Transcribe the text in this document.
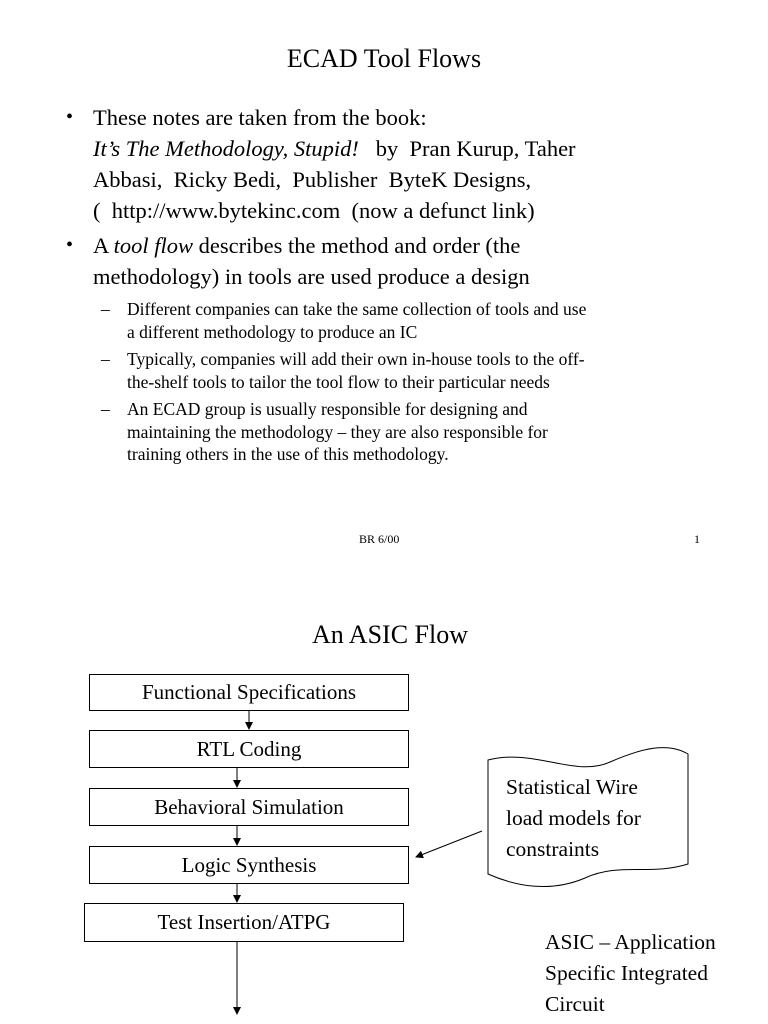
ECAD Tool Flows
• These notes are taken from the book:
It’s The Methodology, Stupid!   by  Pran Kurup, Taher
Abbasi,  Ricky Bedi,  Publisher  ByteK Designs,
(  http://www.bytekinc.com  (now a defunct link)
• A tool flow describes the method and order (the
methodology) in tools are used produce a design
– Different companies can take the same collection of tools and use
a different methodology to produce an IC
– Typically, companies will add their own in-house tools to the off-
the-shelf tools to tailor the tool flow to their particular needs
– An ECAD group is usually responsible for designing and
maintaining the methodology – they are also responsible for
training others in the use of this methodology.
BR 6/00	1
An ASIC Flow
Functional Specifications
RTL Coding
Behavioral Simulation
Logic Synthesis
Test Insertion/ATPG
Statistical Wire
load models for
constraints
ASIC – Application
Specific Integrated
Circuit
